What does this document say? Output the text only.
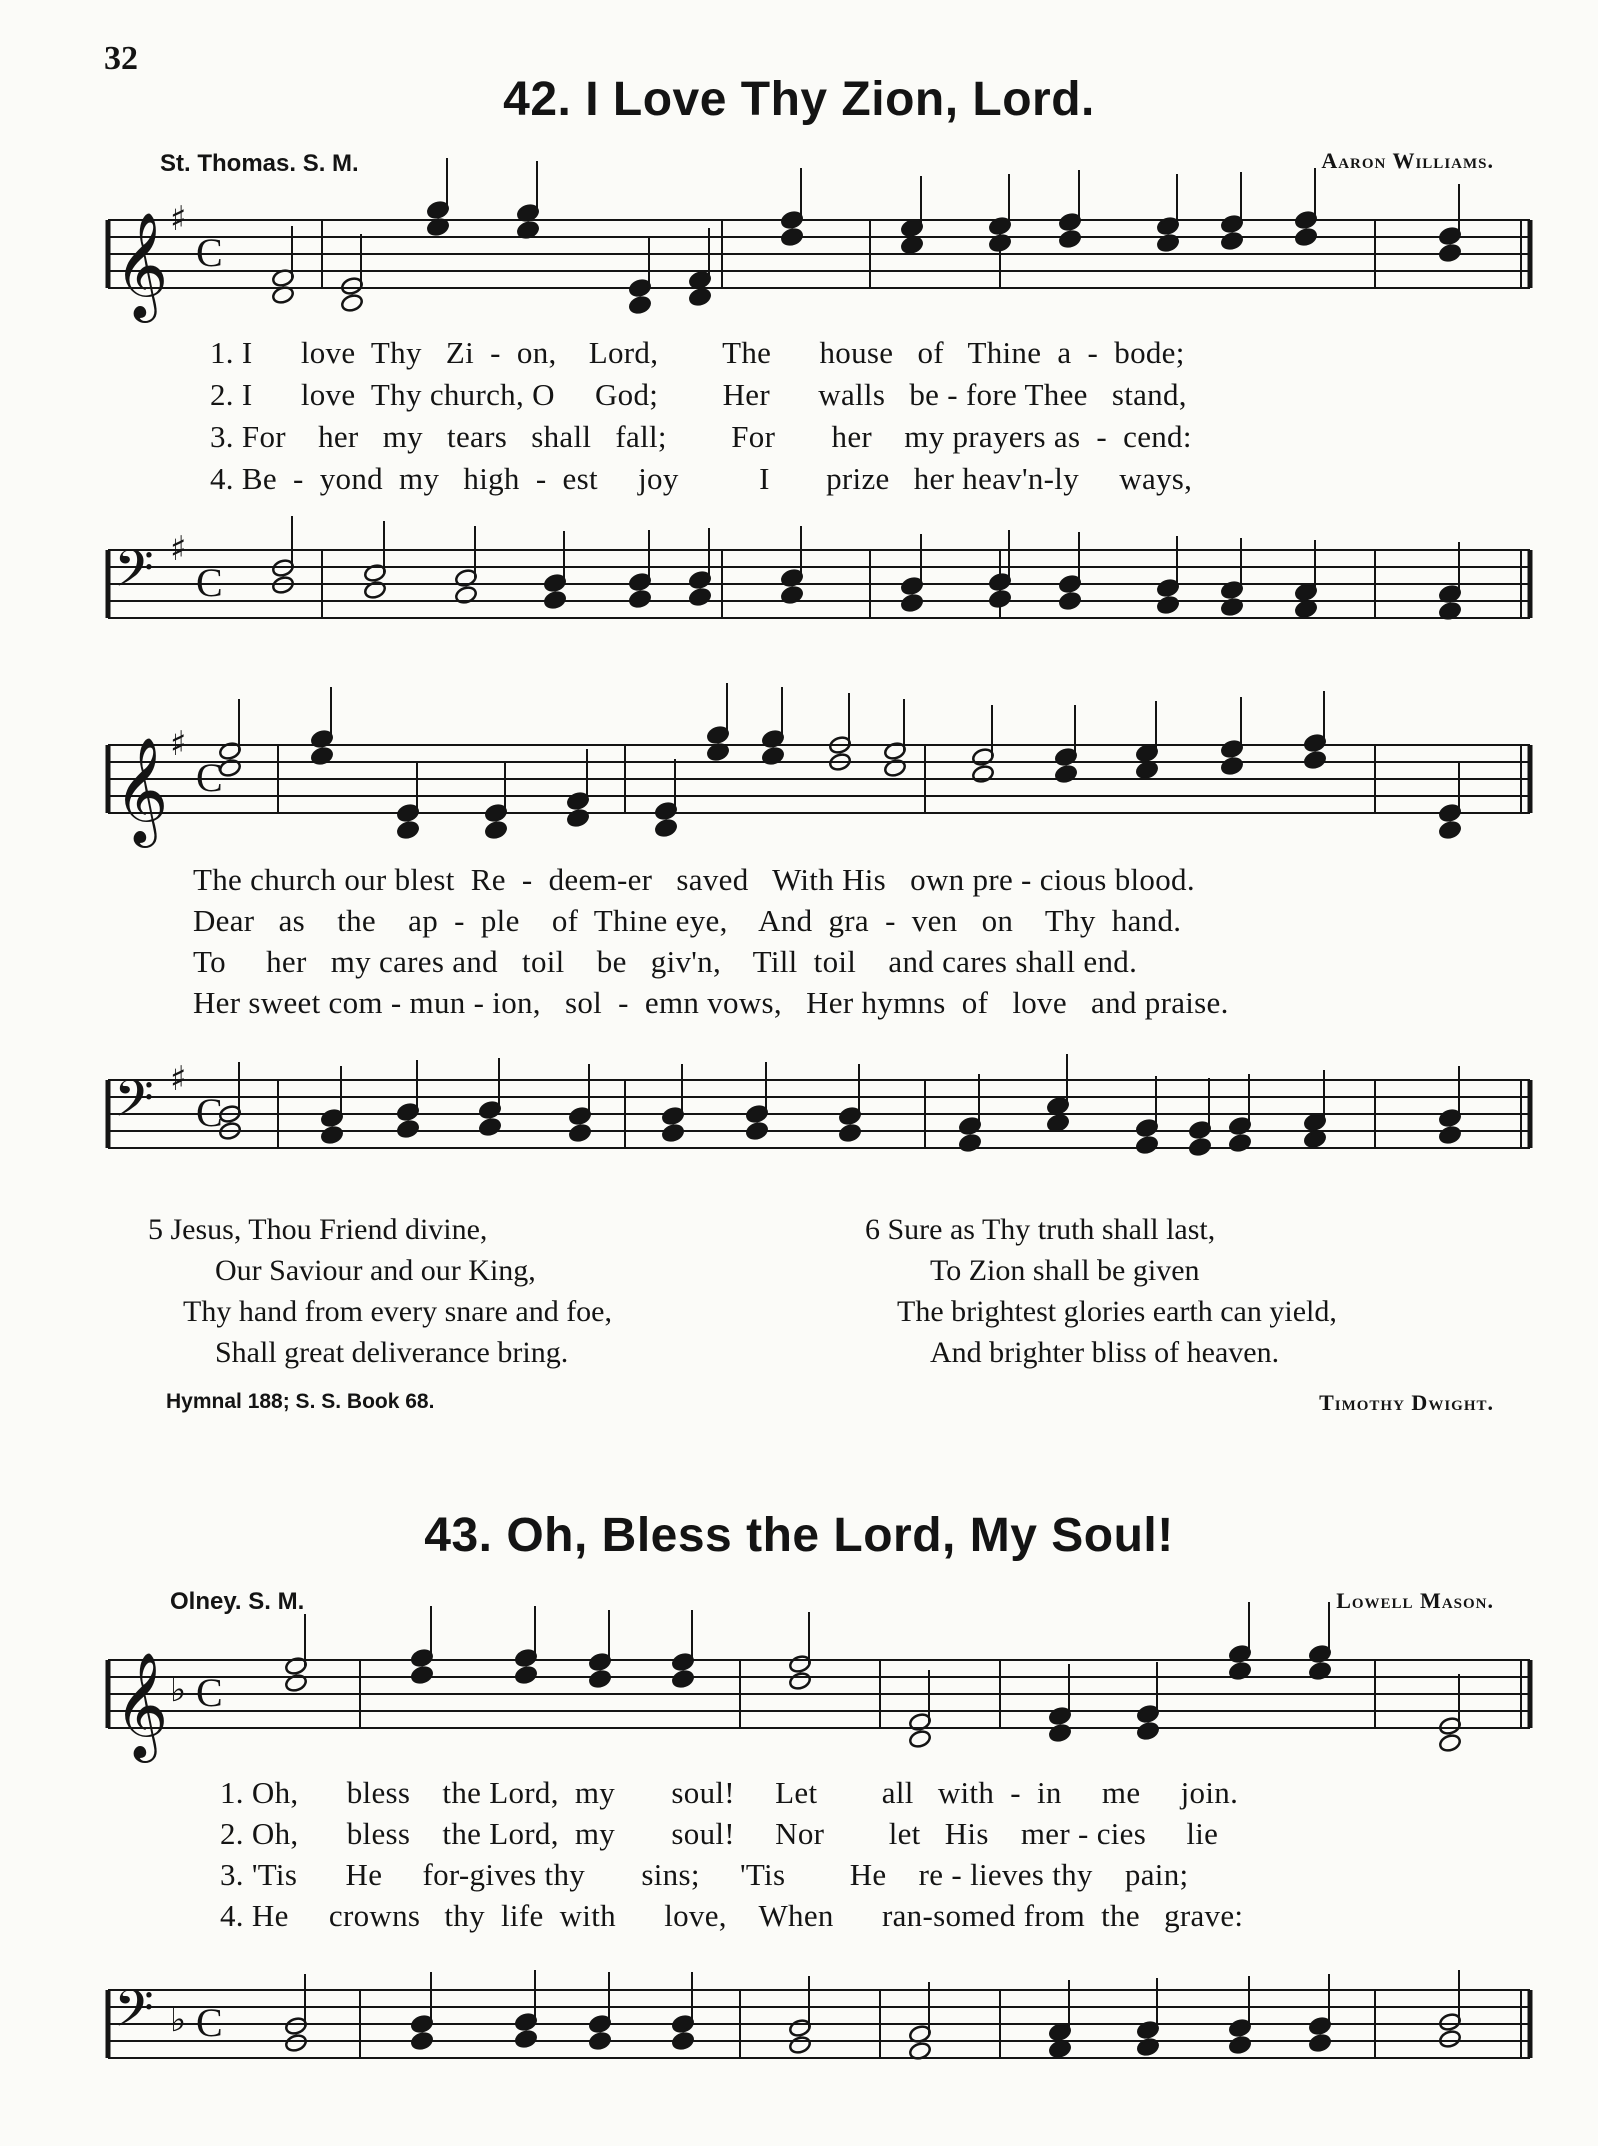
32
42. I Love Thy Zion, Lord.
St. Thomas. S. M.	Aaron Williams.
𝄞 ♯
C
1. I      love  Thy   Zi  -  on,    Lord,        The      house   of   Thine  a  -  bode;
2. I      love  Thy church, O     God;        Her      walls   be - fore Thee   stand,
3. For    her   my   tears   shall   fall;        For       her    my prayers as  -  cend:
4. Be  -  yond  my   high  -  est     joy          I       prize   her heav'n-ly     ways,
𝄢 ♯
C
𝄞 ♯
C
The church our blest  Re  -  deem-er   saved   With His   own pre - cious blood.
Dear   as    the    ap  -  ple    of  Thine eye,    And  gra  -  ven   on    Thy  hand.
To     her   my cares and   toil    be   giv'n,    Till  toil    and cares shall end.
Her sweet com - mun - ion,   sol  -  emn vows,   Her hymns  of   love   and praise.
𝄢 ♯
C
5 Jesus, Thou Friend divine,
Our Saviour and our King,
Thy hand from every snare and foe,
Shall great deliverance bring.
6 Sure as Thy truth shall last,
To Zion shall be given
The brightest glories earth can yield,
And brighter bliss of heaven.
Hymnal 188; S. S. Book 68.	Timothy Dwight.
43. Oh, Bless the Lord, My Soul!
Olney. S. M.	Lowell Mason.
𝄞 ♭ C
1. Oh,      bless    the Lord,  my       soul!     Let        all   with  -  in     me     join.
2. Oh,      bless    the Lord,  my       soul!     Nor        let   His    mer - cies     lie
3. 'Tis      He     for-gives thy       sins;     'Tis        He    re - lieves thy    pain;
4. He     crowns   thy  life  with      love,    When      ran-somed from  the   grave:
𝄢 ♭ C
